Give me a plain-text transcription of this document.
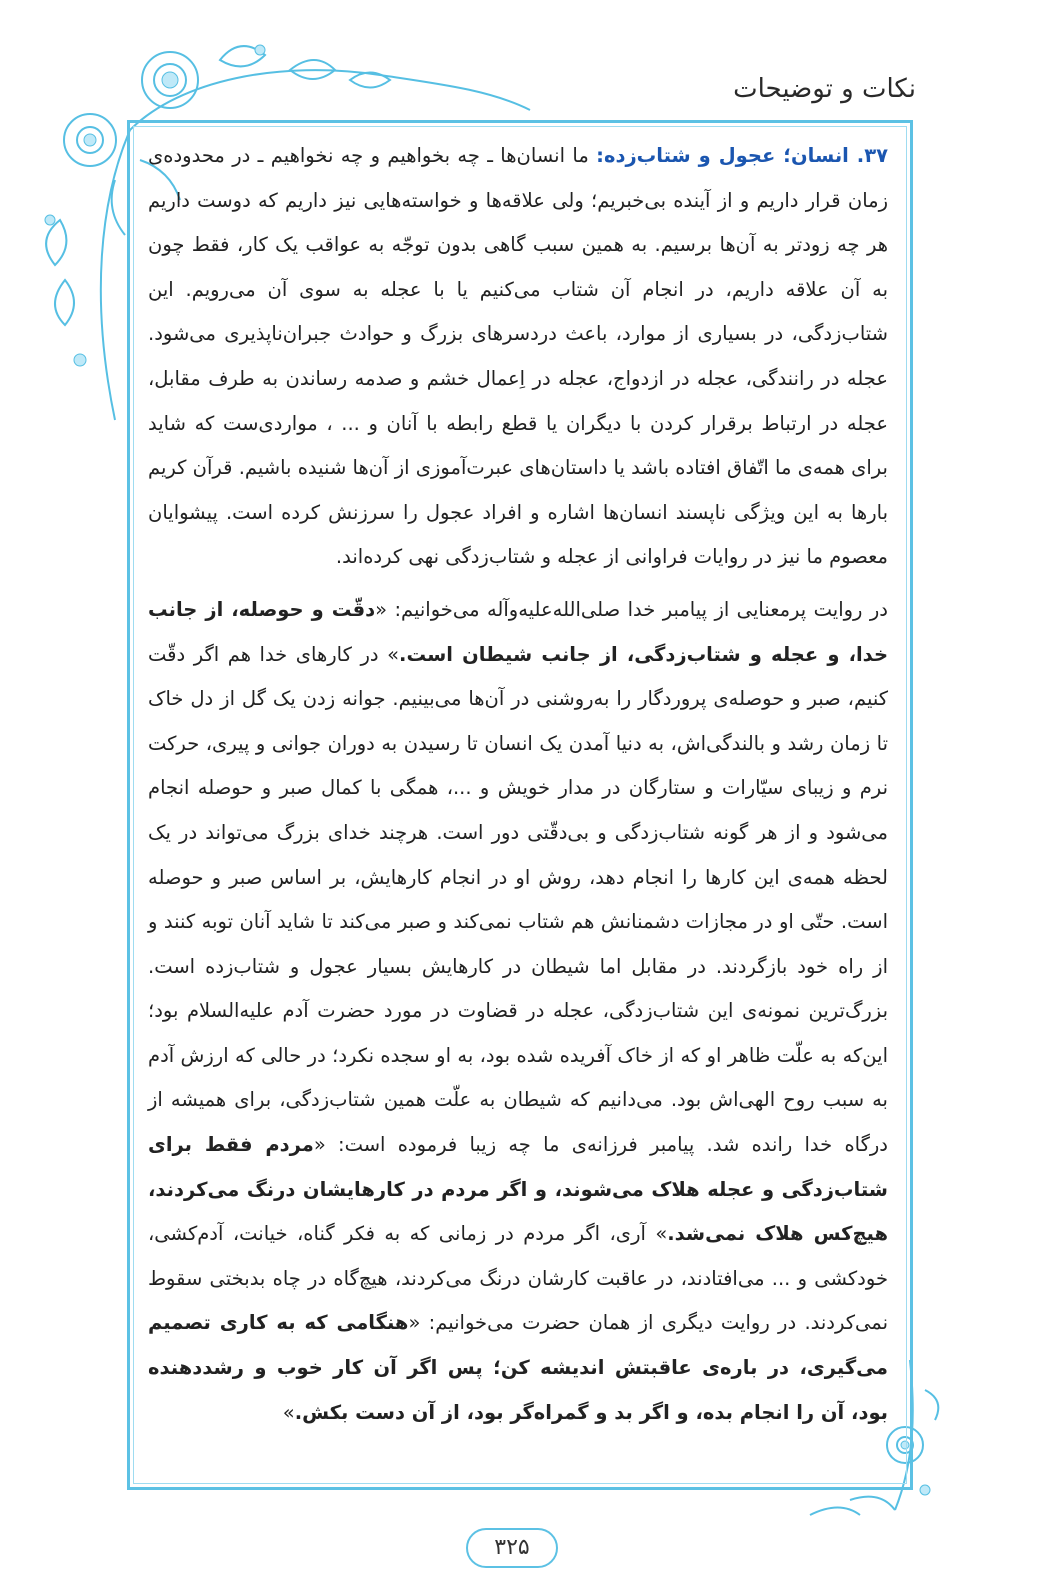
نکات و توضیحات

۳۷. انسان؛ عجول و شتاب‌زده: ما انسان‌ها ـ چه بخواهیم و چه نخواهیم ـ در محدوده‌ی زمان قرار داریم و از آینده بی‌خبریم؛ ولی علاقه‌ها و خواسته‌هایی نیز داریم که دوست داریم هر چه زودتر به آن‌ها برسیم. به همین سبب گاهی بدون توجّه به عواقب یک کار، فقط چون به آن علاقه داریم، در انجام آن شتاب می‌کنیم یا با عجله به سوی آن می‌رویم. این شتاب‌زدگی، در بسیاری از موارد، باعث دردسرهای بزرگ و حوادث جبران‌ناپذیری می‌شود. عجله در رانندگی، عجله در ازدواج، عجله در اِعمال خشم و صدمه رساندن به طرف مقابل، عجله در ارتباط برقرار کردن با دیگران یا قطع رابطه با آنان و ... ، مواردی‌ست که شاید برای همه‌ی ما اتّفاق افتاده باشد یا داستان‌های عبرت‌آموزی از آن‌ها شنیده باشیم. قرآن کریم بارها به این ویژگی ناپسند انسان‌ها اشاره و افراد عجول را سرزنش کرده است. پیشوایان معصوم ما نیز در روایات فراوانی از عجله و شتاب‌زدگی نهی کرده‌اند.

در روایت پرمعنایی از پیامبر خدا صلی‌الله‌علیه‌وآله می‌خوانیم: «دقّت و حوصله، از جانب خدا، و عجله و شتاب‌زدگی، از جانب شیطان است.» در کارهای خدا هم اگر دقّت کنیم، صبر و حوصله‌ی پروردگار را به‌روشنی در آن‌ها می‌بینیم. جوانه زدن یک گل از دل خاک تا زمان رشد و بالندگی‌اش، به دنیا آمدن یک انسان تا رسیدن به دوران جوانی و پیری، حرکت نرم و زیبای سیّارات و ستارگان در مدار خویش و ...، همگی با کمال صبر و حوصله انجام می‌شود و از هر گونه شتاب‌زدگی و بی‌دقّتی دور است. هرچند خدای بزرگ می‌تواند در یک لحظه همه‌ی این کارها را انجام دهد، روش او در انجام کارهایش، بر اساس صبر و حوصله است. حتّی او در مجازات دشمنانش هم شتاب نمی‌کند و صبر می‌کند تا شاید آنان توبه کنند و از راه خود بازگردند. در مقابل اما شیطان در کارهایش بسیار عجول و شتاب‌زده است. بزرگ‌ترین نمونه‌ی این شتاب‌زدگی، عجله در قضاوت در مورد حضرت آدم علیه‌السلام بود؛ این‌که به علّت ظاهر او که از خاک آفریده شده بود، به او سجده نکرد؛ در حالی که ارزش آدم به سبب روح الهی‌اش بود. می‌دانیم که شیطان به علّت همین شتاب‌زدگی، برای همیشه از درگاه خدا رانده شد. پیامبر فرزانه‌ی ما چه زیبا فرموده است: «مردم فقط برای شتاب‌زدگی و عجله هلاک می‌شوند، و اگر مردم در کارهایشان درنگ می‌کردند، هیچ‌کس هلاک نمی‌شد.» آری، اگر مردم در زمانی که به فکر گناه، خیانت، آدم‌کشی، خودکشی و ... می‌افتادند، در عاقبت کارشان درنگ می‌کردند، هیچ‌گاه در چاه بدبختی سقوط نمی‌کردند. در روایت دیگری از همان حضرت می‌خوانیم: «هنگامی که به کاری تصمیم می‌گیری، در باره‌ی عاقبتش اندیشه کن؛ پس اگر آن کار خوب و رشددهنده بود، آن را انجام بده، و اگر بد و گمراه‌گر بود، از آن دست بکش.»

۳۲۵
